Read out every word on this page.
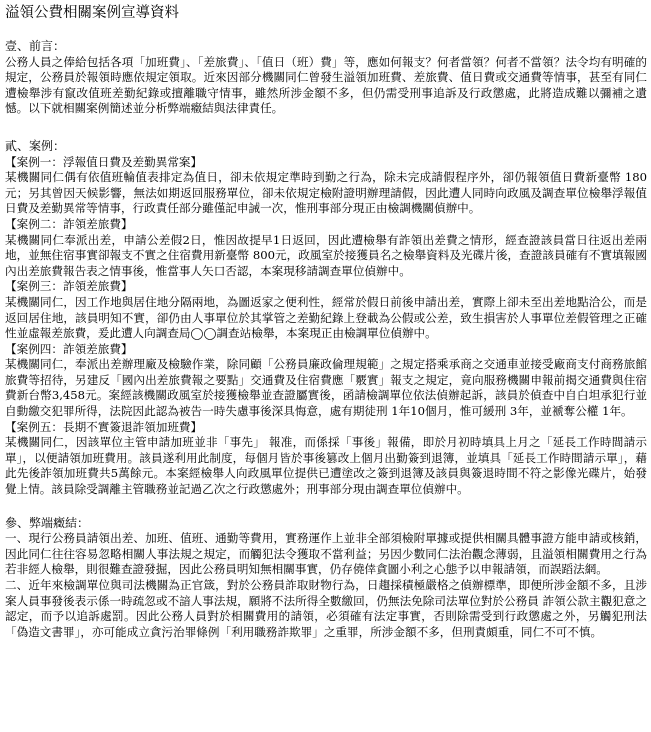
溢領公費相關案例宣導資料

壹、前言：

公務人員之俸給包括各項「加班費」、「差旅費」、「值日（班）費」等，應如何報支？何者當領？何者不當領？法令均有明確的規定，公務員於報領時應依規定領取。近來因部分機關同仁曾發生溢領加班費、差旅費、值日費或交通費等情事，甚至有同仁遭檢舉涉有竄改值班差勤紀錄或擅離職守情事，雖然所涉金額不多，但仍需受刑事追訴及行政懲處，此將造成難以彌補之遺憾。以下就相關案例簡述並分析弊端癥結與法律責任。

貳、案例：

【案例一：浮報值日費及差勤異常案】

某機關同仁偶有依值班輪值表排定為值日，卻未依規定準時到勤之行為，除未完成請假程序外，卻仍報領值日費新臺幣 180元；另其曾因天候影響，無法如期返回服務單位，卻未依規定檢附證明辦理請假，因此遭人同時向政風及調查單位檢舉浮報值日費及差勤異常等情事，行政責任部分雖僅記申誡一次，惟刑事部分現正由檢調機關偵辦中。

【案例二：詐領差旅費】

某機關同仁奉派出差，申請公差假2日，惟因故提早1日返回，因此遭檢舉有詐領出差費之情形，經查證該員當日往返出差兩地，並無住宿事實卻報支不實之住宿費用新臺幣 800元，政風室於接獲員名之檢舉資料及光碟片後，查證該員確有不實填報國內出差旅費報告表之情事後，惟當事人矢口否認，本案現移請調查單位偵辦中。

【案例三：詐領差旅費】

某機關同仁，因工作地與居住地分隔兩地，為圖返家之便利性，經常於假日前後申請出差，實際上卻未至出差地點洽公，而是返回居住地，該員明知不實，卻仍由人事單位於其掌管之差勤紀錄上登載為公假或公差，致生損害於人事單位差假管理之正確性並虛報差旅費，爰此遭人向調查局◯◯調查站檢舉，本案現正由檢調單位偵辦中。

【案例四：詐領差旅費】

某機關同仁，奉派出差辦理廠及檢驗作業，除同顧「公務員廉政倫理規範」之規定搭乘承商之交通車並接受廠商支付商務旅館旅費等招待，另建反「國內出差旅費報之要點」交通費及住宿費應「覈實」報支之規定，竟向服務機關申報前揭交通費與住宿費新台幣3,458元。案經該機關政風室於接獲檢舉並查證屬實後，函請檢調單位依法偵辦起訴，該員於偵查中自白坦承犯行並自動繳交犯罪所得，法院因此認為被告一時失慮事後深具悔意，處有期徒刑 1年10個月，惟可緩刑 3年，並褫奪公權 1年。

【案例五：長期不實簽退詐領加班費】

某機關同仁，因該單位主管申請加班並非「事先」 報准，而係採「事後」報備，即於月初時填具上月之「延長工作時間請示單」，以便請領加班費用。該員遂利用此制度，每個月皆於事後篡改上個月出勤簽到退簿，並填具「延長工作時間請示單」，藉此先後詐領加班費共5萬餘元。本案經檢舉人向政風單位提供已遭塗改之簽到退簿及該員與簽退時間不符之影像光碟片，始發覺上情。該員除受調離主管職務並記過乙次之行政懲處外；刑事部分現由調查單位偵辦中。

參、弊端癥結：

一、現行公務員請領出差、加班、值班、通勤等費用，實務運作上並非全部須檢附單據或提供相關具體事證方能申請或核銷，因此同仁往往容易忽略相關人事法規之規定，而觸犯法令獲取不當利益；另因少數同仁法治觀念薄弱，且溢領相關費用之行為若非經人檢舉，則很難查證發掘，因此公務員明知無相關事實，仍存僥倖貪圖小利之心態予以申報請領，而誤蹈法網。

二、近年來檢調單位與司法機關為正官箴，對於公務員詐取財物行為，日趨採積極嚴格之偵辦標準，即便所涉金額不多，且涉案人員事發後表示係一時疏忽或不諳人事法規，願將不法所得全數繳回，仍無法免除司法單位對於公務員 詐領公款主觀犯意之認定，而予以追訴處罰。因此公務人員對於相關費用的請領，必須確有法定事實，否則除需受到行政懲處之外，另觸犯刑法「偽造文書罪」，亦可能成立貪污治罪條例「利用職務詐欺罪」之重罪，所涉金額不多，但刑責頗重，同仁不可不慎。
